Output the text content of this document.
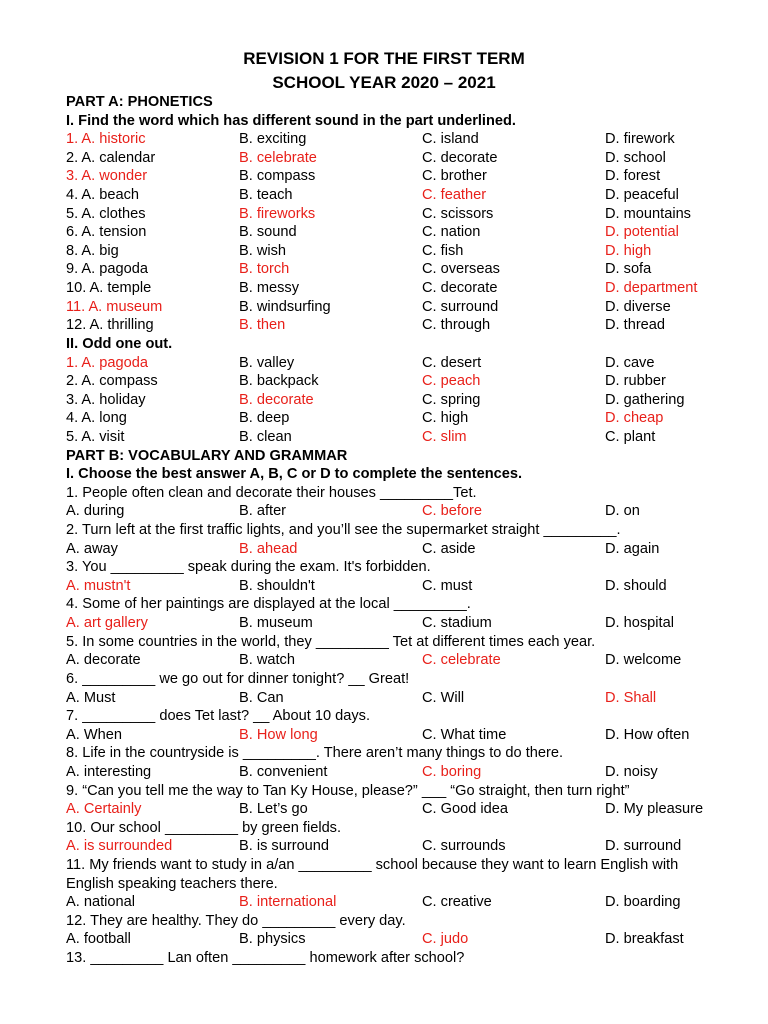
REVISION 1 FOR THE FIRST TERM
SCHOOL YEAR 2020 – 2021
PART A: PHONETICS
I. Find the word which has different sound in the part underlined.
1. A. historic	B. exciting	C. island	D. firework
2. A. calendar	B. celebrate	C. decorate	D. school
3. A. wonder	B. compass	C. brother	D. forest
4. A. beach	B. teach	C. feather	D. peaceful
5. A. clothes	B. fireworks	C. scissors	D. mountains
6. A. tension	B. sound	C. nation	D. potential
8. A. big	B. wish	C. fish	D. high
9. A. pagoda	B. torch	C. overseas	D. sofa
10. A. temple	B. messy	C. decorate	D. department
11. A. museum	B. windsurfing	C. surround	D. diverse
12. A. thrilling	B. then	C. through	D. thread
II. Odd one out.
1. A. pagoda	B. valley	C. desert	D. cave
2. A. compass	B. backpack	C. peach	D. rubber
3. A. holiday	B. decorate	C. spring	D. gathering
4. A. long	B. deep	C. high	D. cheap
5. A. visit	B. clean	C. slim	C. plant
PART B: VOCABULARY AND GRAMMAR
I. Choose the best answer A, B, C or D to complete the sentences.
1. People often clean and decorate their houses _________Tet.
A. during	B. after	C. before	D. on
2. Turn left at the first traffic lights, and you’ll see the supermarket straight _________.
A. away	B. ahead	C. aside	D. again
3. You _________ speak during the exam. It's forbidden.
A. mustn't	B. shouldn't	C. must	D. should
4. Some of her paintings are displayed at the local _________.
A. art gallery	B. museum	C. stadium	D. hospital
5. In some countries in the world, they _________ Tet at different times each year.
A. decorate	B. watch	C. celebrate	D. welcome
6. _________ we go out for dinner tonight? __ Great!
A. Must	B. Can	C. Will	D. Shall
7. _________ does Tet last? __ About 10 days.
A. When	B. How long	C. What time	D. How often
8. Life in the countryside is _________. There aren’t many things to do there.
A. interesting	B. convenient	C. boring	D. noisy
9. “Can you tell me the way to Tan Ky House, please?” ___ “Go straight, then turn right”
A. Certainly	B. Let’s go	C. Good idea	D. My pleasure
10. Our school _________ by green fields.
A. is surrounded	B. is surround	C. surrounds	D. surround
11. My friends want to study in a/an _________ school because they want to learn English with
English speaking teachers there.
A. national	B. international	C. creative	D. boarding
12. They are healthy. They do _________ every day.
A. football	B. physics	C. judo	D. breakfast
13. _________ Lan often _________ homework after school?
